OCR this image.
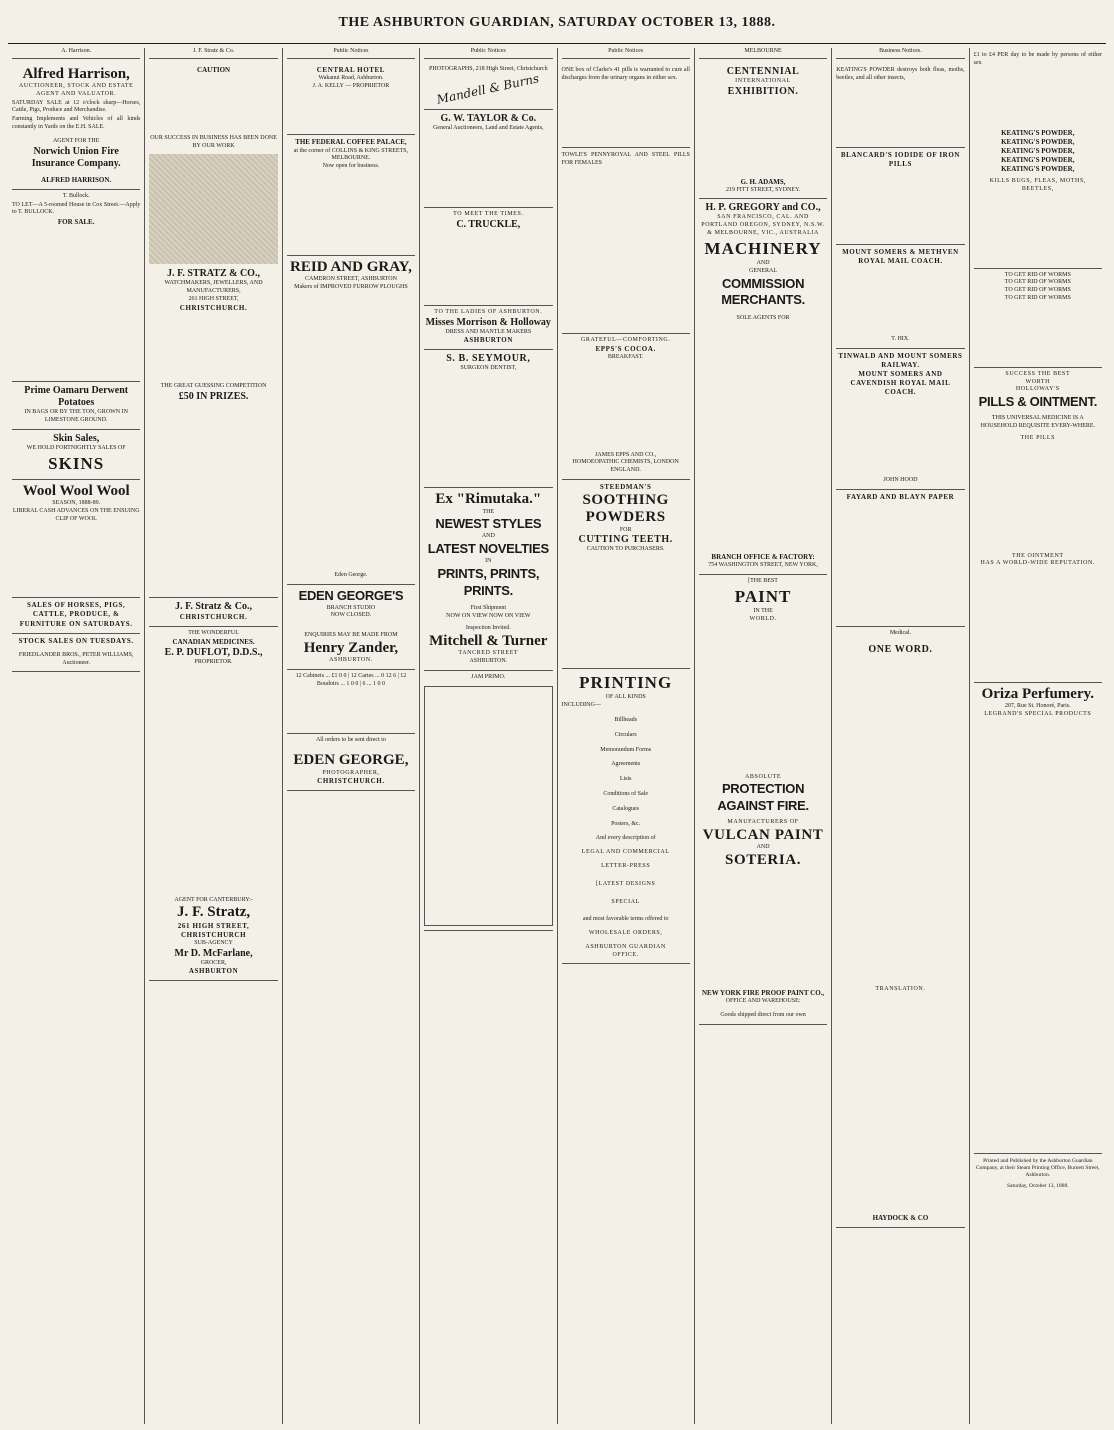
THE ASHBURTON GUARDIAN, SATURDAY OCTOBER 13, 1888.
A. Harrison.
Alfred Harrison,
AUCTIONEER, STOCK AND ESTATE AGENT AND VALUATOR.

SATURDAY SALE at 12 o'clock sharp—Horses, Cattle, Pigs, Produce and Merchandise.

Farming Implements and Vehicles of all kinds constantly in Yards on the E.H. SALE.

AGENT FOR THE
Norwich Union Fire Insurance Company.
ALFRED HARRISON.
T. Bullock.

TO LET—A 5-roomed House in Cox Street.—Apply to T. BULLOCK.

FOR SALE.
Prime Oamaru Derwent Potatoes
IN BAGS OR BY THE TON, GROWN IN LIMESTONE GROUND.
Skin Sales,
WE HOLD FORTNIGHTLY SALES OF
SKINS
Wool Wool Wool
SEASON, 1888-89.
LIBERAL CASH ADVANCES ON THE ENSUING CLIP OF WOOL
SALES OF HORSES, PIGS, CATTLE, PRODUCE, & FURNITURE ON SATURDAYS.
STOCK SALES ON TUESDAYS.
FRIEDLANDER BROS., PETER WILLIAMS, Auctioneer.
J. F. Stratz & Co.
CAUTION
OUR SUCCESS IN BUSINESS HAS BEEN DONE BY OUR WORK
J. F. STRATZ & CO.,
WATCHMAKERS, JEWELLERS, AND MANUFACTURERS,
261 HIGH STREET,
CHRISTCHURCH.
THE GREAT GUESSING COMPETITION
£50 IN PRIZES.
J. F. Stratz & Co.,
CHRISTCHURCH.
THE WONDERFUL
CANADIAN MEDICINES.
E. P. DUFLOT, D.D.S.,
PROPRIETOR.
AGENT FOR CANTERBURY:-
J. F. Stratz,
261 HIGH STREET, CHRISTCHURCH
SUB-AGENCY
Mr D. McFarlane,
GROCER,
ASHBURTON
Public Notices
CENTRAL HOTEL
Wakanui Road, Ashburton.
J. A. KELLY — PROPRIETOR
THE FEDERAL COFFEE PALACE,
at the corner of COLLINS & KING STREETS, MELBOURNE.
Now open for business.
REID AND GRAY,
CAMERON STREET, ASHBURTON
Makers of IMPROVED FURROW PLOUGHS
Eden George.
EDEN GEORGE'S
BRANCH STUDIO
NOW CLOSED.
ENQUIRIES MAY BE MADE FROM
Henry Zander,
ASHBURTON.
12 Cabinets ... £1 0 0 | 12 Cartes ... 0 12 6 | 12 Boudoirs ... 1 0 0 | 6 ... 1 0 0
All orders to be sent direct to
EDEN GEORGE,
PHOTOGRAPHER,
CHRISTCHURCH.
Public Notices
PHOTOGRAPHS, 218 High Street, Christchurch
Mandell & Burns
G. W. TAYLOR & Co.
General Auctioneers, Land and Estate Agents,
TO MEET THE TIMES.
C. TRUCKLE,
TO THE LADIES OF ASHBURTON.
Misses Morrison & Holloway
DRESS AND MANTLE MAKERS
ASHBURTON
S. B. SEYMOUR,
SURGEON DENTIST,
Ex "Rimutaka."
THE
NEWEST STYLES
AND
LATEST NOVELTIES
IN
PRINTS, PRINTS, PRINTS.
First Shipment
NOW ON VIEW NOW ON VIEW
Inspection Invited.
Mitchell & Turner
TANCRED STREET
ASHBURTON.
JAM PRIMO.
Public Notices

ONE box of Clarke's 41 pills is warranted to cure all discharges from the urinary organs in either sex.

TOWLE'S PENNYROYAL AND STEEL PILLS FOR FEMALES

GRATEFUL—COMFORTING.
EPPS'S COCOA.
BREAKFAST.
JAMES EPPS AND CO.,
HOMOEOPATHIC CHEMISTS, LONDON ENGLAND.
STEEDMAN'S
SOOTHING
POWDERS
FOR
CUTTING TEETH.
CAUTION TO PURCHASERS.
PRINTING
OF ALL KINDS
INCLUDING—
Billheads
Circulars
Memorandum Forms
Agreements
Lists
Conditions of Sale
Catalogues
Posters, &c.
And every description of
LEGAL AND COMMERCIAL
LETTER-PRESS
[LATEST DESIGNS
SPECIAL
and most favorable terms offered to
WHOLESALE ORDERS,
ASHBURTON GUARDIAN
OFFICE.
MELBOURNE
CENTENNIAL
INTERNATIONAL
EXHIBITION.
G. H. ADAMS,
219 FITT STREET, SYDNEY.
H. P. GREGORY and CO.,
SAN FRANCISCO, CAL. AND PORTLAND OREGON, SYDNEY, N.S.W. & MELBOURNE, VIC., AUSTRALIA
MACHINERY
AND
GENERAL
COMMISSION MERCHANTS.
SOLE AGENTS FOR
BRANCH OFFICE & FACTORY:
754 WASHINGTON STREET, NEW YORK,
[THE BEST
PAINT
IN THE
WORLD.
ABSOLUTE
PROTECTION AGAINST FIRE.
MANUFACTURERS OF
VULCAN PAINT
AND
SOTERIA.
NEW YORK FIRE PROOF PAINT CO.,
OFFICE AND WAREHOUSE:
Goods shipped direct from our own
Business Notices.

KEATING'S POWDER destroys both fleas, moths, beetles, and all other insects,

BLANCARD'S IODIDE OF IRON PILLS
MOUNT SOMERS & METHVEN ROYAL MAIL COACH.
T. HIX.
TINWALD AND MOUNT SOMERS RAILWAY.
MOUNT SOMERS AND CAVENDISH ROYAL MAIL COACH.
JOHN HOOD
FAYARD AND BLAYN PAPER
Medical.
ONE WORD.
TRANSLATION.
HAYDOCK & CO

£1 to £4 PER day to be made by persons of either sex

KEATING'S POWDER,
KEATING'S POWDER,
KEATING'S POWDER,
KEATING'S POWDER,
KEATING'S POWDER,
KILLS BUGS, FLEAS, MOTHS, BEETLES,
TO GET RID OF WORMS
TO GET RID OF WORMS
TO GET RID OF WORMS
TO GET RID OF WORMS
SUCCESS THE BEST
WORTH
HOLLOWAY'S
PILLS & OINTMENT.
THIS UNIVERSAL MEDICINE IS A HOUSEHOLD REQUISITE EVERY-WHERE.
THE PILLS
THE OINTMENT
HAS A WORLD-WIDE REPUTATION.
Oriza Perfumery.
207, Rue St. Honoré, Paris.
LEGRAND'S SPECIAL PRODUCTS
Printed and Published by the Ashburton Guardian Company, at their Steam Printing Office, Burnett Street, Ashburton.
Saturday, October 13, 1888.
